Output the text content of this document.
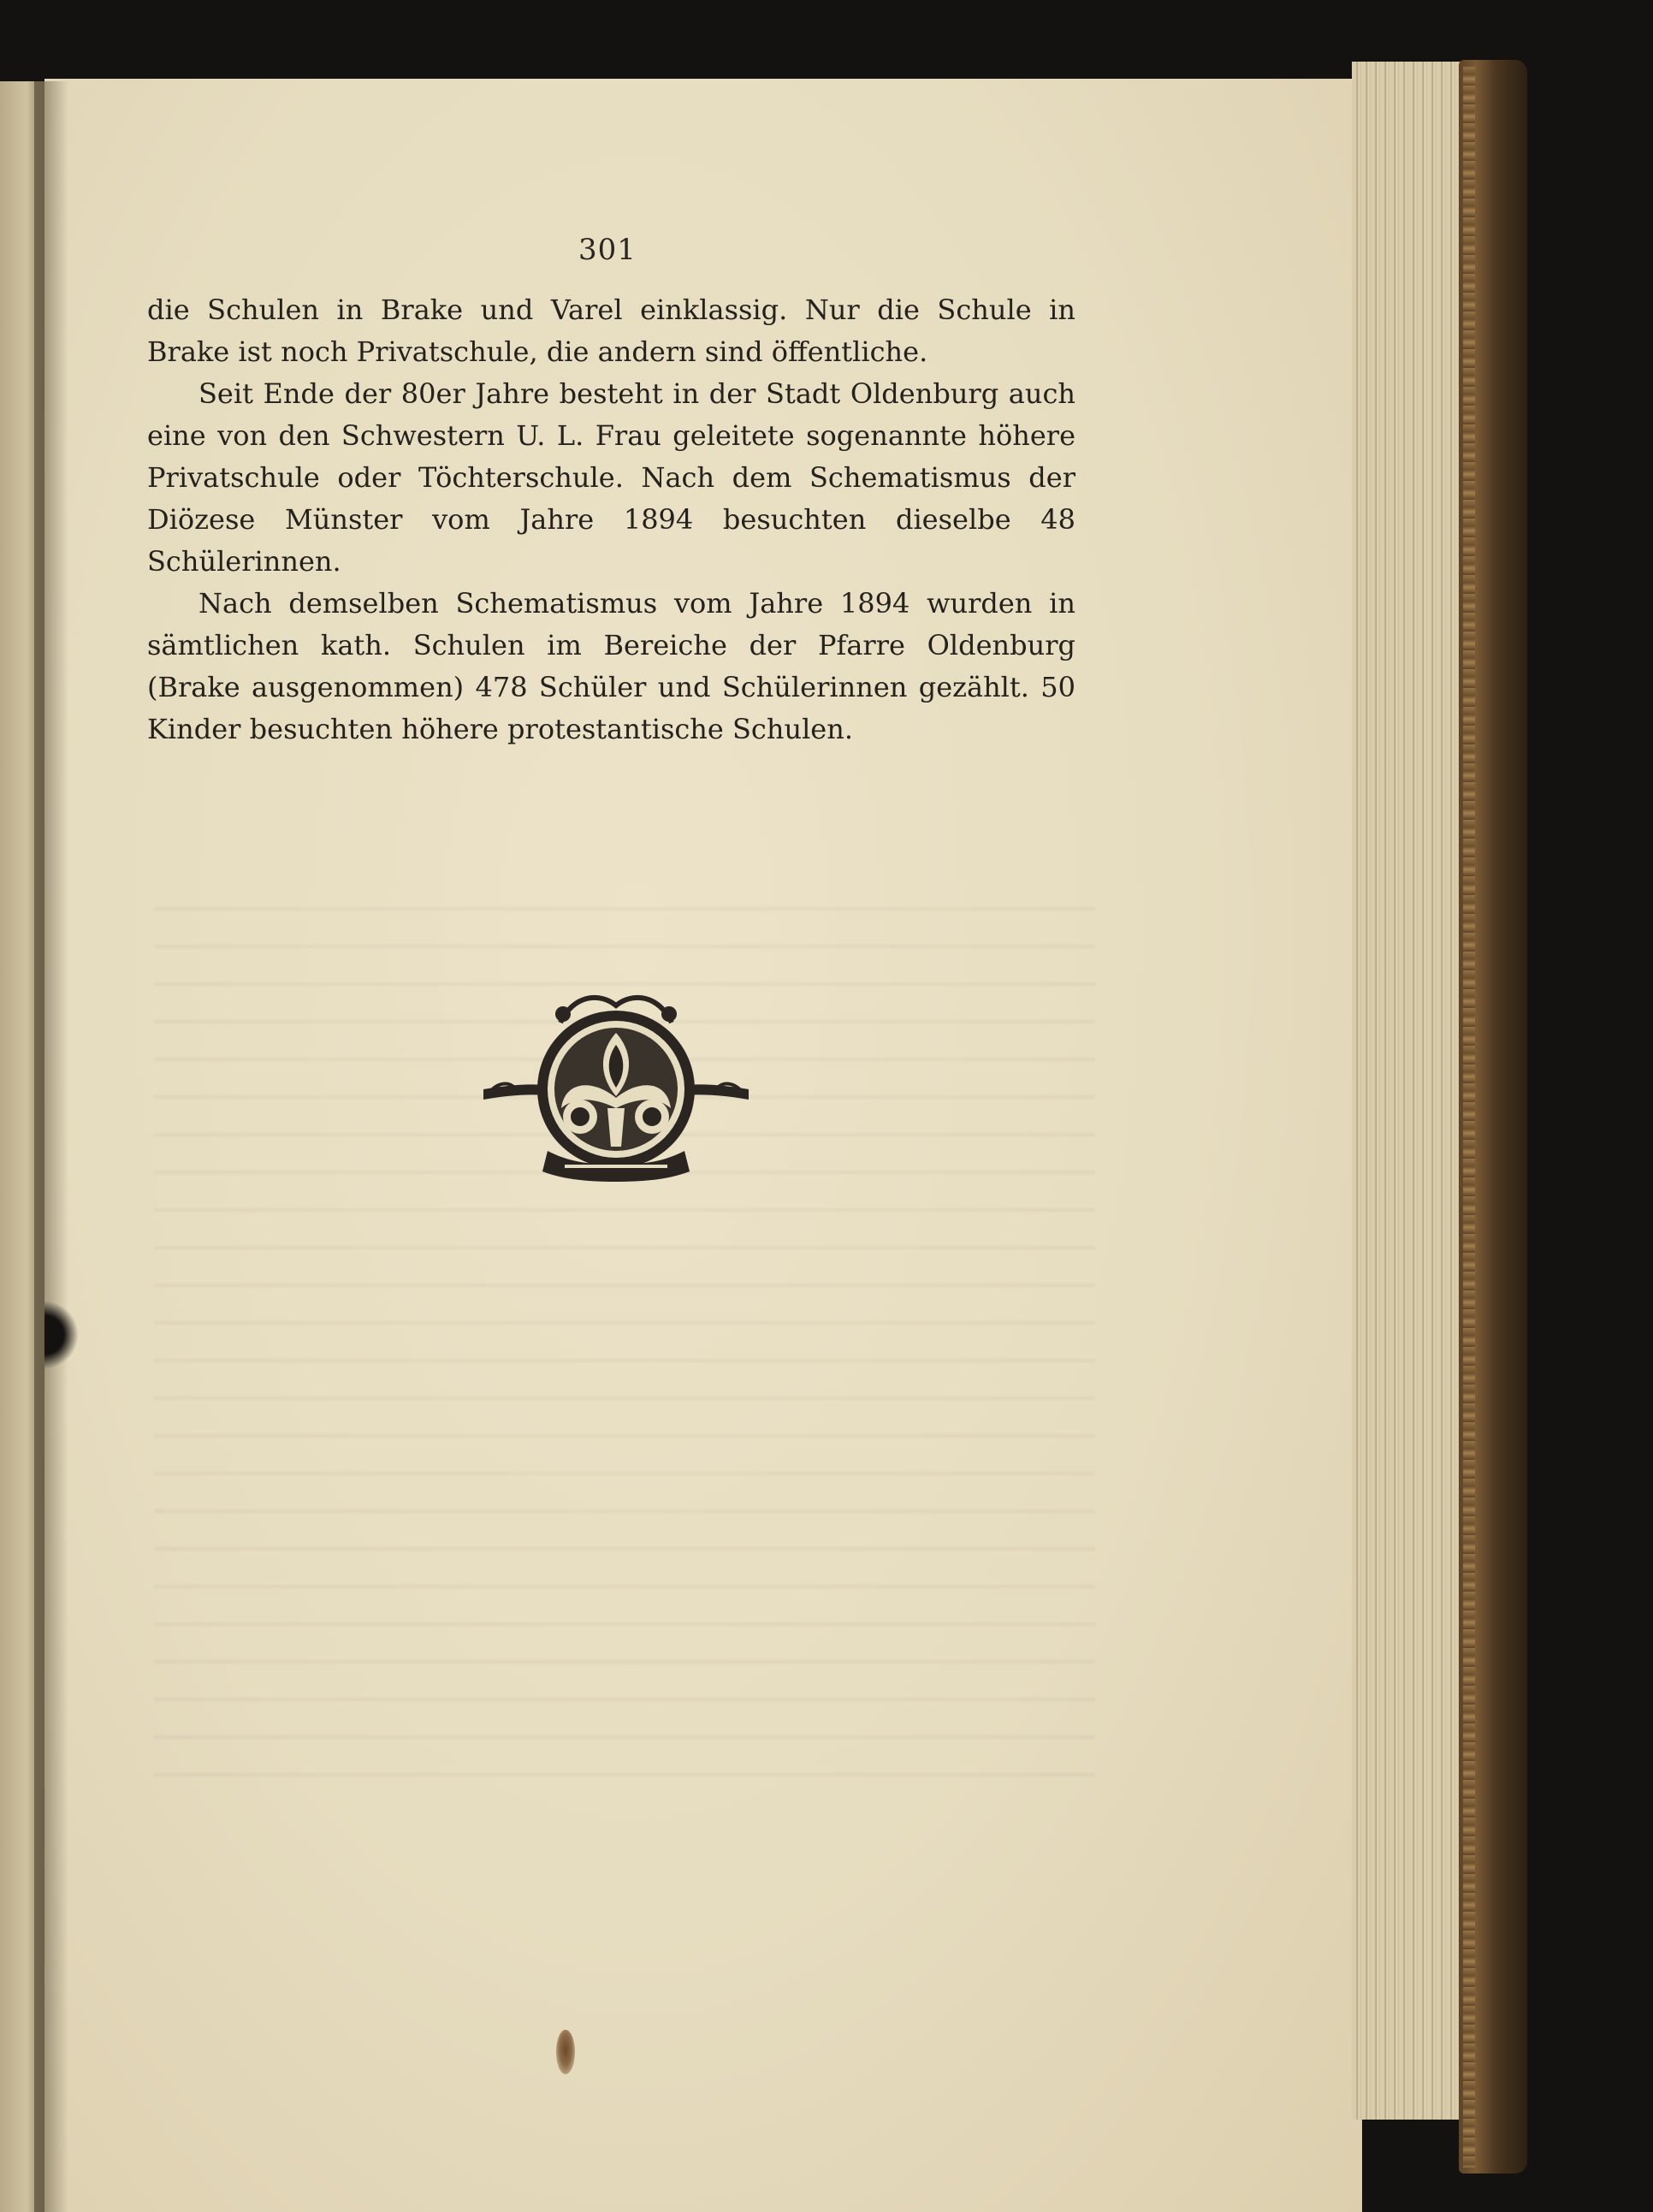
301

die Schulen in Brake und Varel einklassig. Nur die Schule in Brake ist noch Privatschule, die andern sind öffentliche.

Seit Ende der 80er Jahre besteht in der Stadt Oldenburg auch eine von den Schwestern U. L. Frau geleitete sogenannte höhere Privatschule oder Töchterschule. Nach dem Schematismus der Diözese Münster vom Jahre 1894 besuchten dieselbe 48 Schülerinnen.

Nach demselben Schematismus vom Jahre 1894 wurden in sämtlichen kath. Schulen im Bereiche der Pfarre Oldenburg (Brake ausgenommen) 478 Schüler und Schülerinnen gezählt. 50 Kinder besuchten höhere protestantische Schulen.
